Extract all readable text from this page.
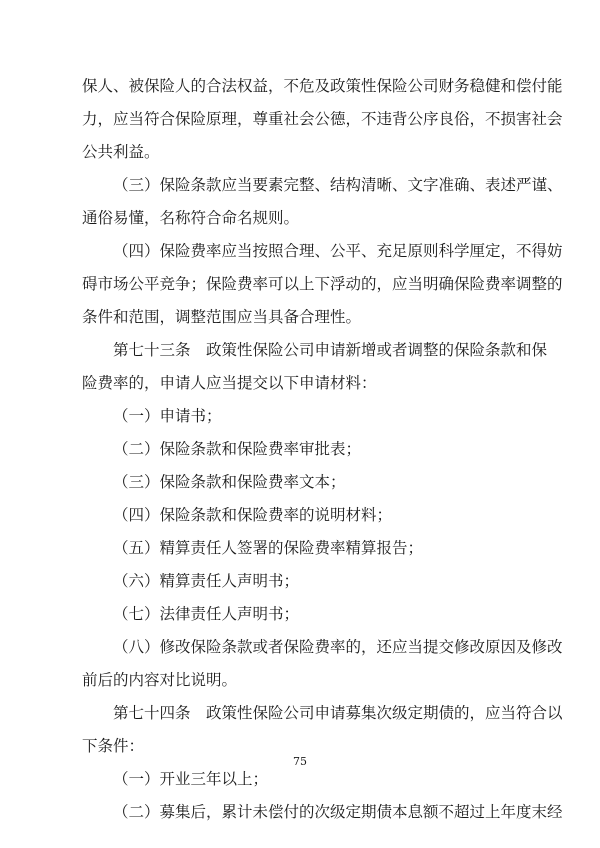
保人、被保险人的合法权益，不危及政策性保险公司财务稳健和偿付能
力，应当符合保险原理，尊重社会公德，不违背公序良俗，不损害社会
公共利益。
（三）保险条款应当要素完整、结构清晰、文字准确、表述严谨、
通俗易懂，名称符合命名规则。
（四）保险费率应当按照合理、公平、充足原则科学厘定，不得妨
碍市场公平竞争；保险费率可以上下浮动的，应当明确保险费率调整的
条件和范围，调整范围应当具备合理性。
第七十三条　政策性保险公司申请新增或者调整的保险条款和保
险费率的，申请人应当提交以下申请材料：
（一）申请书；
（二）保险条款和保险费率审批表；
（三）保险条款和保险费率文本；
（四）保险条款和保险费率的说明材料；
（五）精算责任人签署的保险费率精算报告；
（六）精算责任人声明书；
（七）法律责任人声明书；
（八）修改保险条款或者保险费率的，还应当提交修改原因及修改
前后的内容对比说明。
第七十四条　政策性保险公司申请募集次级定期债的，应当符合以
下条件：
（一）开业三年以上；
（二）募集后，累计未偿付的次级定期债本息额不超过上年度末经
75
